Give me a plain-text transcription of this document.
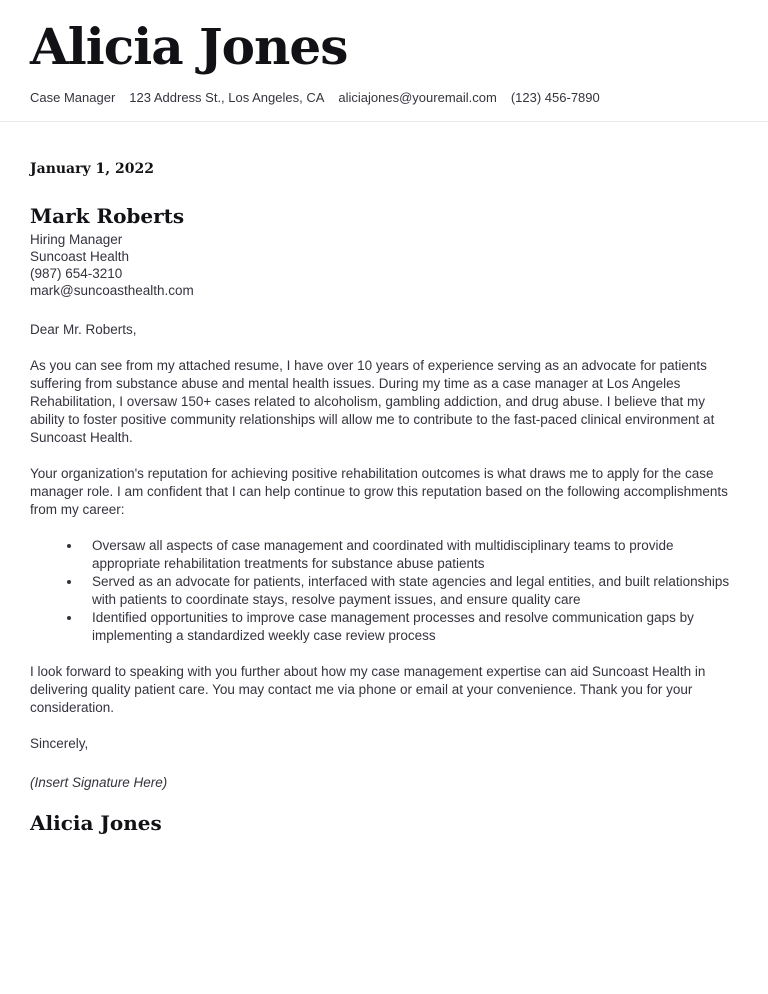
Alicia Jones
Case Manager 123 Address St., Los Angeles, CA aliciajones@youremail.com (123) 456-7890
January 1, 2022
Mark Roberts
Hiring Manager
Suncoast Health
(987) 654-3210
mark@suncoasthealth.com
Dear Mr. Roberts,
As you can see from my attached resume, I have over 10 years of experience serving as an advocate for patients suffering from substance abuse and mental health issues. During my time as a case manager at Los Angeles Rehabilitation, I oversaw 150+ cases related to alcoholism, gambling addiction, and drug abuse. I believe that my ability to foster positive community relationships will allow me to contribute to the fast-paced clinical environment at Suncoast Health.
Your organization's reputation for achieving positive rehabilitation outcomes is what draws me to apply for the case manager role. I am confident that I can help continue to grow this reputation based on the following accomplishments from my career:
• Oversaw all aspects of case management and coordinated with multidisciplinary teams to provide appropriate rehabilitation treatments for substance abuse patients
• Served as an advocate for patients, interfaced with state agencies and legal entities, and built relationships with patients to coordinate stays, resolve payment issues, and ensure quality care
• Identified opportunities to improve case management processes and resolve communication gaps by implementing a standardized weekly case review process
I look forward to speaking with you further about how my case management expertise can aid Suncoast Health in delivering quality patient care. You may contact me via phone or email at your convenience. Thank you for your consideration.
Sincerely,
(Insert Signature Here)
Alicia Jones
